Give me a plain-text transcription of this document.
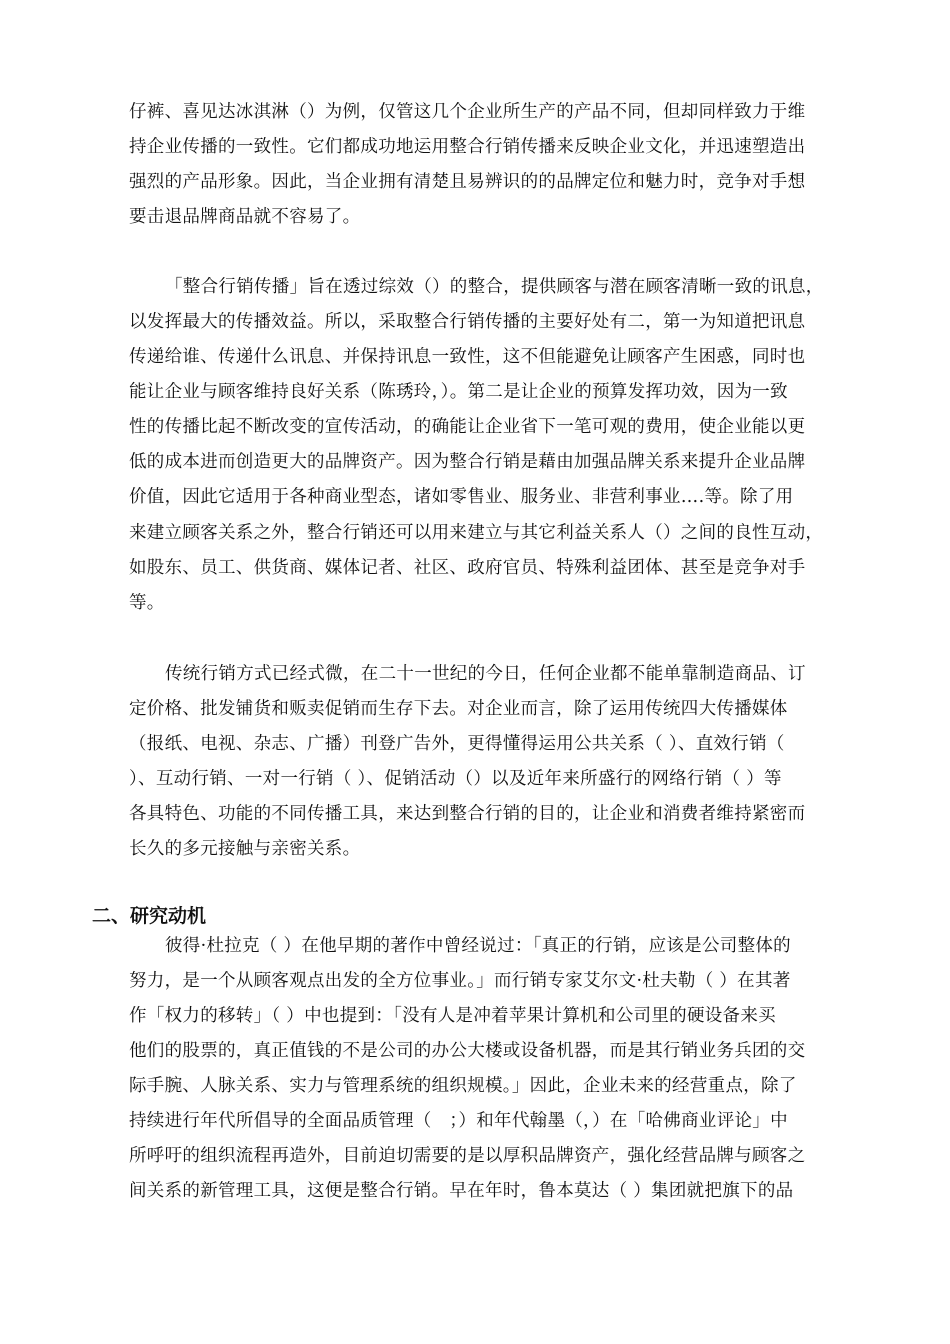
仔裤、喜见达冰淇淋（）为例，仅管这几个企业所生产的产品不同，但却同样致力于维
持企业传播的一致性。它们都成功地运用整合行销传播来反映企业文化，并迅速塑造出
强烈的产品形象。因此，当企业拥有清楚且易辨识的的品牌定位和魅力时，竞争对手想
要击退品牌商品就不容易了。
「整合行销传播」旨在透过综效（）的整合，提供顾客与潜在顾客清晰一致的讯息，
以发挥最大的传播效益。所以，采取整合行销传播的主要好处有二，第一为知道把讯息
传递给谁、传递什么讯息、并保持讯息一致性，这不但能避免让顾客产生困惑，同时也
能让企业与顾客维持良好关系（陈琇玲，）。第二是让企业的预算发挥功效，因为一致
性的传播比起不断改变的宣传活动，的确能让企业省下一笔可观的费用，使企业能以更
低的成本进而创造更大的品牌资产。因为整合行销是藉由加强品牌关系来提升企业品牌
价值，因此它适用于各种商业型态，诸如零售业、服务业、非营利事业….等。除了用
来建立顾客关系之外，整合行销还可以用来建立与其它利益关系人（）之间的良性互动，
如股东、员工、供货商、媒体记者、社区、政府官员、特殊利益团体、甚至是竞争对手
等。
传统行销方式已经式微，在二十一世纪的今日，任何企业都不能单靠制造商品、订
定价格、批发铺货和贩卖促销而生存下去。对企业而言，除了运用传统四大传播媒体
（报纸、电视、杂志、广播）刊登广告外，更得懂得运用公共关系（ ）、直效行销（
）、互动行销、一对一行销（ ）、促销活动（）以及近年来所盛行的网络行销（ ）等
各具特色、功能的不同传播工具，来达到整合行销的目的，让企业和消费者维持紧密而
长久的多元接触与亲密关系。
二、研究动机
彼得·杜拉克（ ）在他早期的著作中曾经说过：「真正的行销，应该是公司整体的
努力，是一个从顾客观点出发的全方位事业。」而行销专家艾尔文·杜夫勒（ ）在其著
作「权力的移转」（ ）中也提到：「没有人是冲着苹果计算机和公司里的硬设备来买
他们的股票的，真正值钱的不是公司的办公大楼或设备机器，而是其行销业务兵团的交
际手腕、人脉关系、实力与管理系统的组织规模。」因此，企业未来的经营重点，除了
持续进行年代所倡导的全面品质管理（　；）和年代翰墨（，）在「哈佛商业评论」中
所呼吁的组织流程再造外，目前迫切需要的是以厚积品牌资产，强化经营品牌与顾客之
间关系的新管理工具，这便是整合行销。早在年时，鲁本莫达（ ）集团就把旗下的品
